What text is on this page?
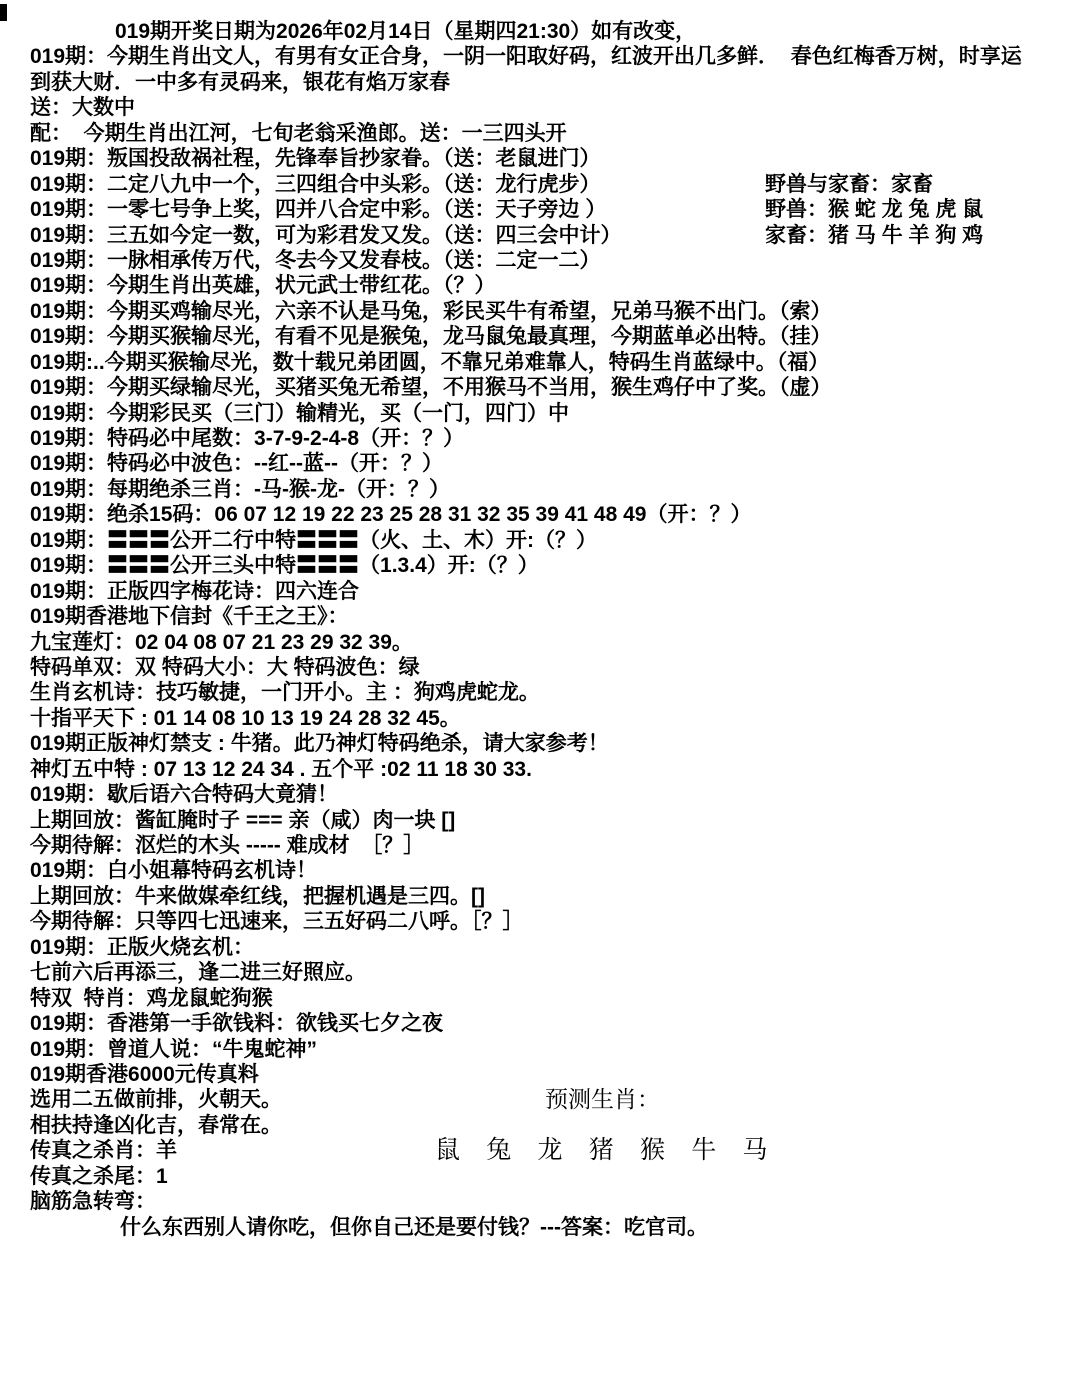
019期开奖日期为2026年02月14日（星期四21:30）如有改变，
019期：今期生肖出文人，有男有女正合身，一阴一阳取好码，红波开出几多鲜．  春色红梅香万树，时享运
到获大财．一中多有灵码来，银花有焰万家春
送：大数中
配：  今期生肖出江河，七旬老翁采渔郎。送：一三四头开
019期：叛国投敌祸社程，先锋奉旨抄家眷。（送：老鼠进门）
019期：二定八九中一个，三四组合中头彩。（送：龙行虎步）	野兽与家畜：家畜
019期：一零七号争上奖，四并八合定中彩。（送：天子旁边 ）	野兽：猴 蛇 龙 兔 虎 鼠
019期：三五如今定一数，可为彩君发又发。（送：四三会中计）	家畜：猪 马 牛 羊 狗 鸡
019期：一脉相承传万代，冬去今又发春枝。（送：二定一二）
019期：今期生肖出英雄，状元武士带红花。（？）
019期：今期买鸡输尽光，六亲不认是马兔，彩民买牛有希望，兄弟马猴不出门。（索）
019期：今期买猴输尽光，有看不见是猴兔，龙马鼠兔最真理，今期蓝单必出特。（挂）
019期:..今期买猴输尽光，数十载兄弟团圆，不靠兄弟难靠人，特码生肖蓝绿中。（福）
019期：今期买绿输尽光，买猪买兔无希望，不用猴马不当用，猴生鸡仔中了奖。（虚）
019期：今期彩民买（三门）输精光，买（一门，四门）中
019期：特码必中尾数：3-7-9-2-4-8（开：？）
019期：特码必中波色：--红--蓝--（开：？）
019期：每期绝杀三肖：-马-猴-龙-（开：？）
019期：绝杀15码：06 07 12 19 22 23 25 28 31 32 35 39 41 48 49（开：？）
019期：〓〓〓公开二行中特〓〓〓（火、土、木）开:（？）
019期：〓〓〓公开三头中特〓〓〓（1.3.4）开:（？）
019期：正版四字梅花诗：四六连合
019期香港地下信封《千王之王》：
九宝莲灯：02 04 08 07 21 23 29 32 39。
特码单双：双 特码大小：大 特码波色：绿
生肖玄机诗：技巧敏捷，一门开小。主 ：狗鸡虎蛇龙。
十指平天下 : 01 14 08 10 13 19 24 28 32 45。
019期正版神灯禁支 : 牛猪。此乃神灯特码绝杀，请大家参考！
神灯五中特 : 07 13 12 24 34 . 五个平 :02 11 18 30 33.
019期：歇后语六合特码大竟猜！
上期回放：酱缸腌时子 === 亲（咸）肉一块 []
今期待解：沤烂的木头 ----- 难成材  ［？］
019期：白小姐幕特码玄机诗！
上期回放：牛来做媒牵红线，把握机遇是三四。[]
今期待解：只等四七迅速来，三五好码二八呼。［？］
019期：正版火烧玄机：
七前六后再添三，逢二进三好照应。
特双  特肖：鸡龙鼠蛇狗猴
019期：香港第一手欲钱料：欲钱买七夕之夜
019期：曾道人说：“牛鬼蛇神”
019期香港6000元传真料
选用二五做前排，火朝天。	预测生肖：
相扶持逢凶化吉，春常在。
传真之杀肖：羊	鼠 兔 龙 猪 猴 牛 马
传真之杀尾：1
脑筋急转弯：
什么东西别人请你吃，但你自己还是要付钱？---答案：吃官司。
